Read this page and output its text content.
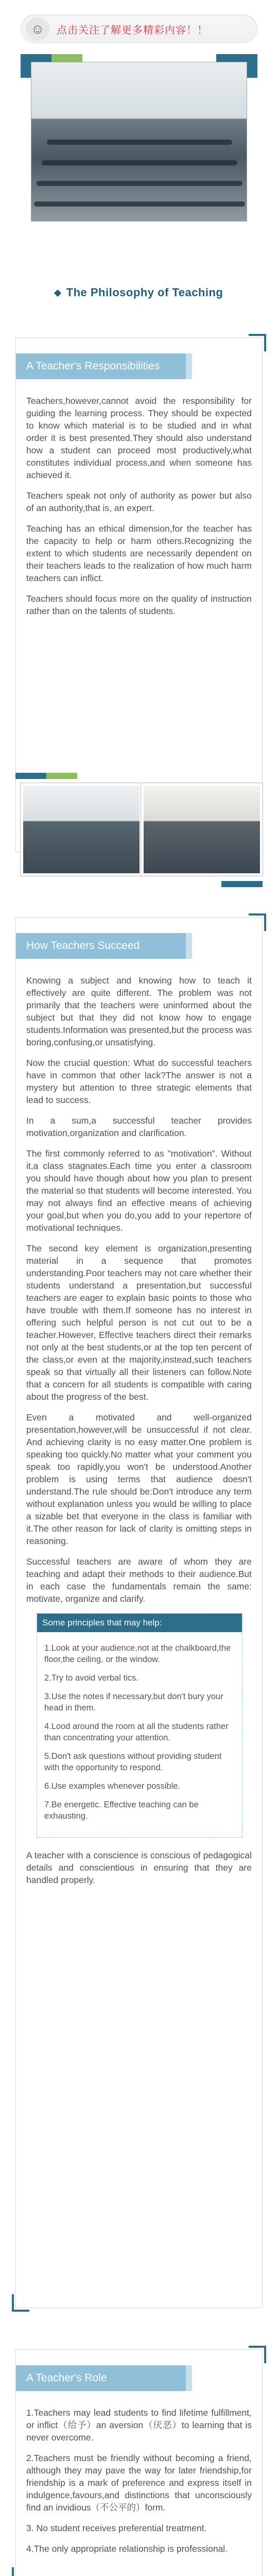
☺	点击关注了解更多精彩内容！！
The Philosophy of Teaching
A Teacher's Responsibilities

Teachers,however,cannot avoid the responsibility for guiding the learning process. They should be expected to know which material is to be studied and in what order it is best presented.They should also understand how a student can proceed most productively,what constitutes individual process,and when someone has achieved it.

Teachers speak not only of authority as power but also of an authority,that is, an expert.

Teaching has an ethical dimension,for the teacher has the capacity to help or harm others.Recognizing the extent to which students are necessarily dependent on their teachers leads to the realization of how much harm teachers can inflict.

Teachers should focus more on the quality of instruction rather than on the talents of students.

How Teachers Succeed

Knowing a subject and knowing how to teach it effectively are quite different. The problem was not primarily that the teachers were uninformed about the subject but that they did not know how to engage students.Information was presented,but the process was boring,confusing,or unsatisfying.

Now the crucial question: What do successful teachers have in common that other lack?The answer is not a mystery but attention to three strategic elements that lead to success.

In a sum,a successful teacher provides motivation,organization and clarification.

The first commonly referred to as "motivation". Without it,a class stagnates.Each time you enter a classroom you should have though about how you plan to present the material so that students will become interested. You may not always find an effective means of achieving your goal,but when you do,you add to your repertore of motivational techniques.

The second key element is organization,presenting material in a sequence that promotes understanding.Poor teachers may not care whether their students understand a presentation,but successful teachers are eager to explain basic points to those who have trouble with them.If someone has no interest in offering such helpful person is not cut out to be a teacher.However, Effective teachers direct their remarks not only at the best students,or at the top ten percent of the class,or even at the majority,instead,such teachers speak so that virtually all their listeners can follow.Note that a concern for all students is compatible with caring about the progress of the best.

Even a motivated and well-organized presentation,however,will be unsuccessful if not clear. And achieving clarity is no easy matter.One problem is speaking too quickly.No matter what your comment you speak too rapidly,you won't be understood.Another problem is using terms that audience doesn't understand.The rule should be:Don't introduce any term without explanation unless you would be willing to place a sizable bet that everyone in the class is familiar with it.The other reason for lack of clarity is omitting steps in reasoning.

Successful teachers are aware of whom they are teaching and adapt their methods to their audience.But in each case the fundamentals remain the same: motivate, organize and clarify.

Some principles that may help:

1.Look at your audience,not at the chalkboard,the floor,the ceiling, or the window.

2.Try to avoid verbal tics.

3.Use the notes if necessary,but don't bury your head in them.

4.Lood around the room at all the students rather than concentrating your attention.

5.Don't ask questions without providing student with the opportunity to respond.

6.Use examples whenever possible.

7.Be energetic. Effective teaching can be exhausting.

A teacher with a conscience is conscious of pedagogical details and conscientious in ensuring that they are handled properly.

A Teacher's Role

1.Teachers may lead students to find lifetime fulfillment, or inflict（给予）an aversion（厌恶）to learning that is never overcome.

2.Teachers must be friendly without becoming a friend, although they may pave the way for later friendship,for friendship is a mark of preference and express itself in indulgence,favours,and distinctions that unconsciously find an invidious（不公平的）form.

3. No student receives preferential treatment.

4.The only appropriate relationship is professional.
